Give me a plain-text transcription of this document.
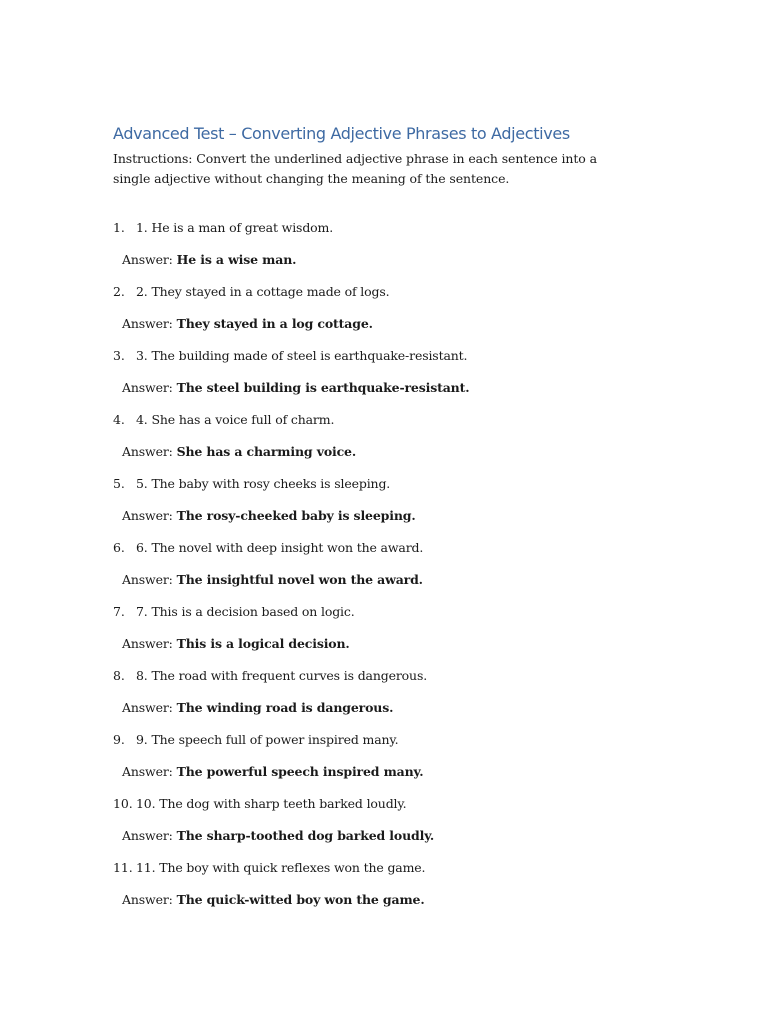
Advanced Test – Converting Adjective Phrases to Adjectives
Instructions: Convert the underlined adjective phrase in each sentence into a single adjective without changing the meaning of the sentence.
1. 1. He is a man of great wisdom.
Answer: He is a wise man.
2. 2. They stayed in a cottage made of logs.
Answer: They stayed in a log cottage.
3. 3. The building made of steel is earthquake-resistant.
Answer: The steel building is earthquake-resistant.
4. 4. She has a voice full of charm.
Answer: She has a charming voice.
5. 5. The baby with rosy cheeks is sleeping.
Answer: The rosy-cheeked baby is sleeping.
6. 6. The novel with deep insight won the award.
Answer: The insightful novel won the award.
7. 7. This is a decision based on logic.
Answer: This is a logical decision.
8. 8. The road with frequent curves is dangerous.
Answer: The winding road is dangerous.
9. 9. The speech full of power inspired many.
Answer: The powerful speech inspired many.
10. 10. The dog with sharp teeth barked loudly.
Answer: The sharp-toothed dog barked loudly.
11. 11. The boy with quick reflexes won the game.
Answer: The quick-witted boy won the game.
